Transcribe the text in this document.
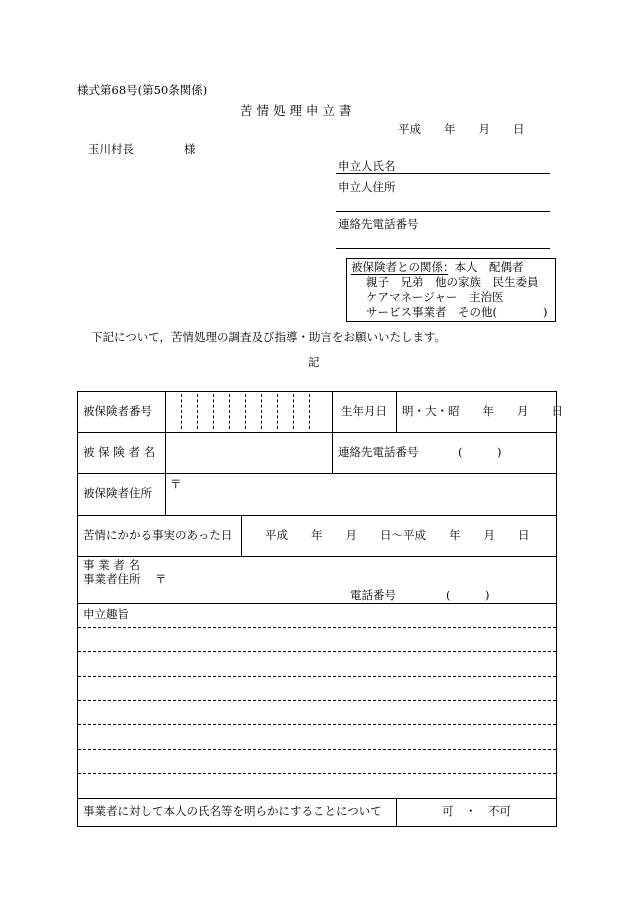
様式第68号(第50条関係)
苦 情 処 理 申 立 書
平成　　年　　月　　日
玉川村長	様
申立人氏名
申立人住所
連絡先電話番号
被保険者との関係：本人　配偶者
親子　兄弟　他の家族　民生委員
ケアマネージャー　主治医
サービス事業者　その他(　　　　)
下記について，苦情処理の調査及び指導・助言をお願いいたします。
記
被保険者番号	生年月日 明・大・昭　　年　　月　　日
被 保 険 者 名	連絡先電話番号	(　　　)
被保険者住所
〒
苦情にかかる事実のあった日	平成　　年　　月　　日〜平成　　年　　月　　日
事 業 者 名
事業者住所 〒
電話番号	(　　　)
申立趣旨
事業者に対して本人の氏名等を明らかにすることについて	可　・　不可
